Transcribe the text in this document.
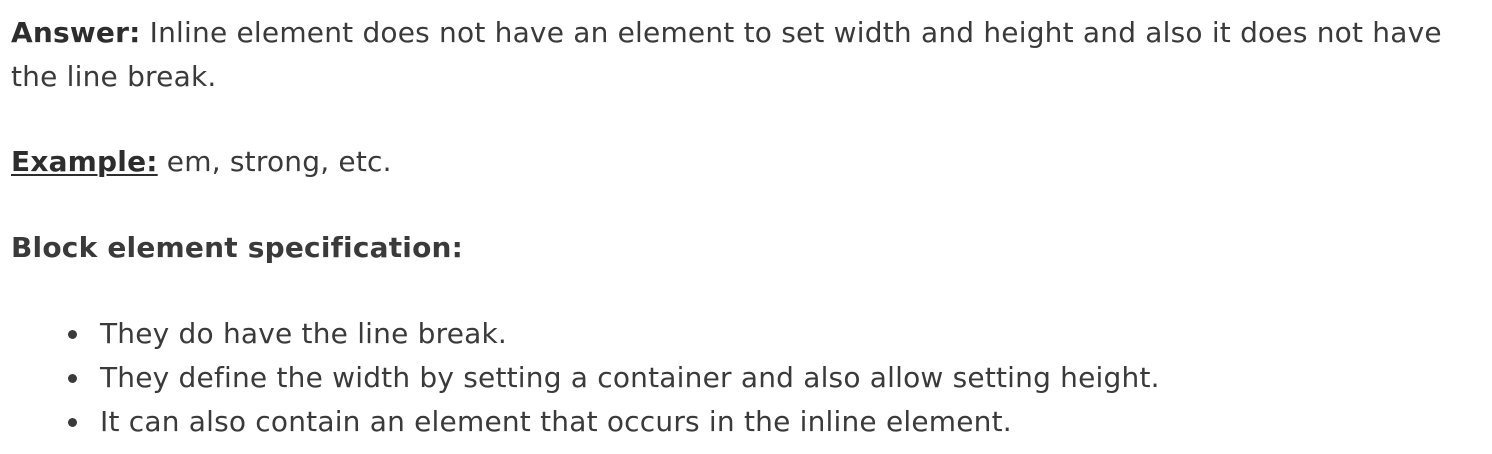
Answer: Inline element does not have an element to set width and height and also it does not have the line break.

Example: em, strong, etc.

Block element specification:

They do have the line break.
They define the width by setting a container and also allow setting height.
It can also contain an element that occurs in the inline element.
